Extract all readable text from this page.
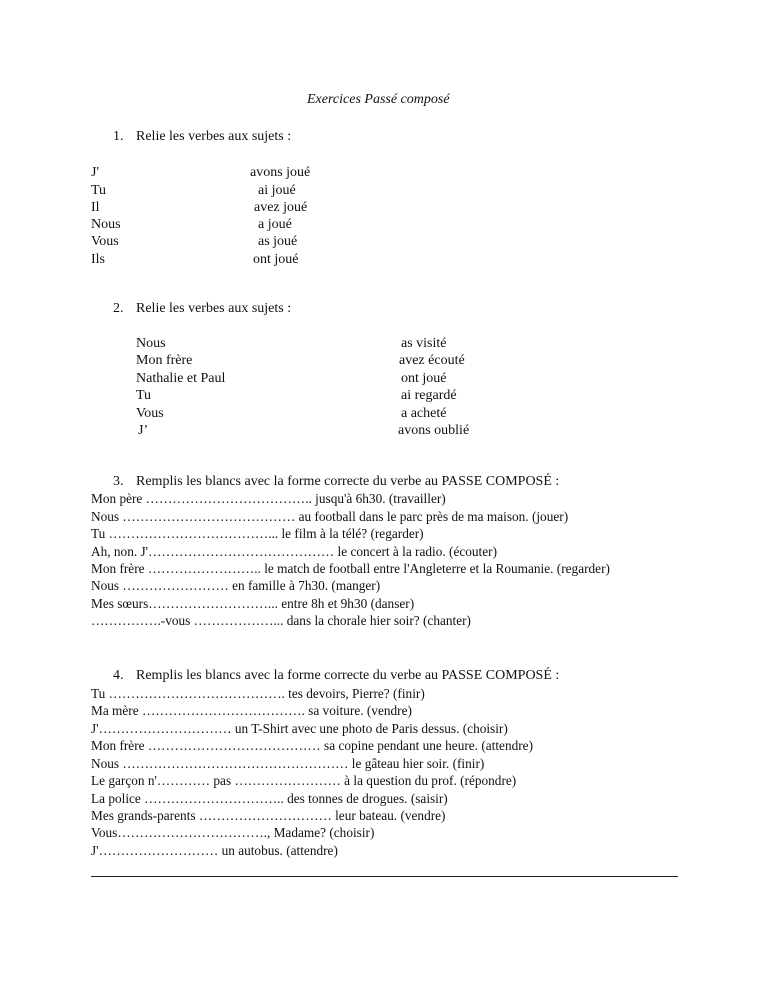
Exercices Passé composé
1. Relie les verbes aux sujets :
J'
Tu
Il
Nous
Vous
Ils
avons joué
ai joué
avez joué
a joué
as joué
ont joué
2. Relie les verbes aux sujets :
Nous
Mon frère
Nathalie et Paul
Tu
Vous
J’
as visité
avez écouté
ont joué
ai regardé
a acheté
avons oublié
3. Remplis les blancs avec la forme correcte du verbe au PASSE COMPOSÉ :
Mon père ……………………………….. jusqu'à 6h30. (travailler)
Nous ………………………………… au football dans le parc près de ma maison. (jouer)
Tu ………………………………... le film à la télé? (regarder)
Ah, non. J'…………………………………… le concert à la radio. (écouter)
Mon frère …………………….. le match de football entre l'Angleterre et la Roumanie. (regarder)
Nous …………………… en famille à 7h30. (manger)
Mes sœurs………………………... entre 8h et 9h30 (danser)
…………….-vous ………………... dans la chorale hier soir? (chanter)
4. Remplis les blancs avec la forme correcte du verbe au PASSE COMPOSÉ :
Tu …………………………………. tes devoirs, Pierre? (finir)
Ma mère ………………………………. sa voiture. (vendre)
J'………………………… un T-Shirt avec une photo de Paris dessus. (choisir)
Mon frère ………………………………… sa copine pendant une heure. (attendre)
Nous …………………………………………… le gâteau hier soir. (finir)
Le garçon n'………… pas …………………… à la question du prof. (répondre)
La police ………………………….. des tonnes de drogues. (saisir)
Mes grands-parents ………………………… leur bateau. (vendre)
Vous……………………………., Madame? (choisir)
J'……………………… un autobus. (attendre)
